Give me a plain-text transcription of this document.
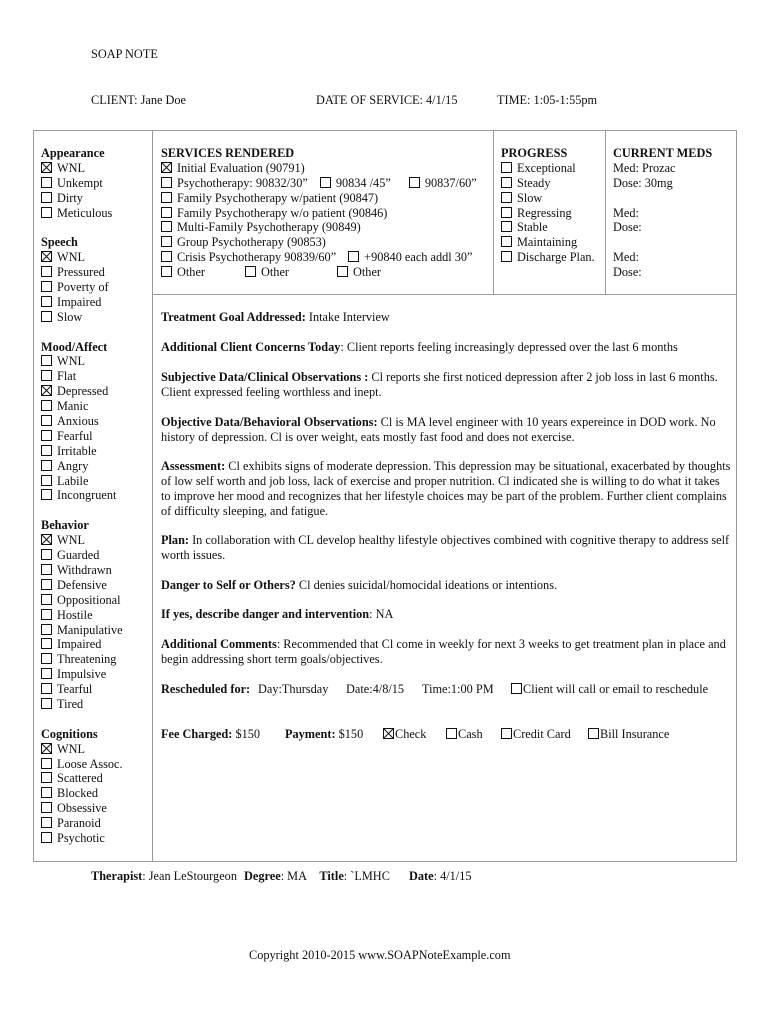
SOAP NOTE
CLIENT: Jane Doe	DATE OF SERVICE: 4/1/15	TIME: 1:05-1:55pm
Appearance
WNL
Unkempt
Dirty
Meticulous
Speech
WNL
Pressured
Poverty of
Impaired
Slow
Mood/Affect
WNL
Flat
Depressed
Manic
Anxious
Fearful
Irritable
Angry
Labile
Incongruent
Behavior
WNL
Guarded
Withdrawn
Defensive
Oppositional
Hostile
Manipulative
Impaired
Threatening
Impulsive
Tearful
Tired
Cognitions
WNL
Loose Assoc.
Scattered
Blocked
Obsessive
Paranoid
Psychotic
SERVICES RENDERED
Initial Evaluation (90791)
Psychotherapy: 90832/30” 90834 /45”	90837/60”
Family Psychotherapy w/patient (90847)
Family Psychotherapy w/o patient (90846)
Multi-Family Psychotherapy (90849)
Group Psychotherapy (90853)
Crisis Psychotherapy 90839/60” +90840 each addl 30”
Other	Other	Other
PROGRESS
Exceptional
Steady
Slow
Regressing
Stable
Maintaining
Discharge Plan.
CURRENT MEDS
Med: Prozac
Dose: 30mg
Med:
Dose:
Med:
Dose:
Treatment Goal Addressed: Intake Interview
Additional Client Concerns Today: Client reports feeling increasingly depressed over the last 6 months
Subjective Data/Clinical Observations : Cl reports she first noticed depression after 2 job loss in last 6 months. Client expressed feeling worthless and inept.
Objective Data/Behavioral Observations: Cl is MA level engineer with 10 years expereince in DOD work. No history of depression. Cl is over weight, eats mostly fast food and does not exercise.
Assessment: Cl exhibits signs of moderate depression. This depression may be situational, exacerbated by thoughts of low self worth and job loss, lack of exercise and proper nutrition. Cl indicated she is willing to do what it takes to improve her mood and recognizes that her lifestyle choices may be part of the problem. Further client complains of difficulty sleeping, and fatigue.
Plan: In collaboration with CL develop healthy lifestyle objectives combined with cognitive therapy to address self worth issues.
Danger to Self or Others? Cl denies suicidal/homocidal ideations or intentions.
If yes, describe danger and intervention: NA
Additional Comments: Recommended that Cl come in weekly for next 3 weeks to get treatment plan in place and begin addressing short term goals/objectives.
Rescheduled for: Day:Thursday Date:4/8/15 Time:1:00 PM	Client will call or email to reschedule
Fee Charged: $150 Payment: $150	Check	Cash	Credit Card	Bill Insurance
Therapist: Jean LeStourgeon Degree: MA Title: `LMHC Date: 4/1/15
Copyright 2010-2015 www.SOAPNoteExample.com
